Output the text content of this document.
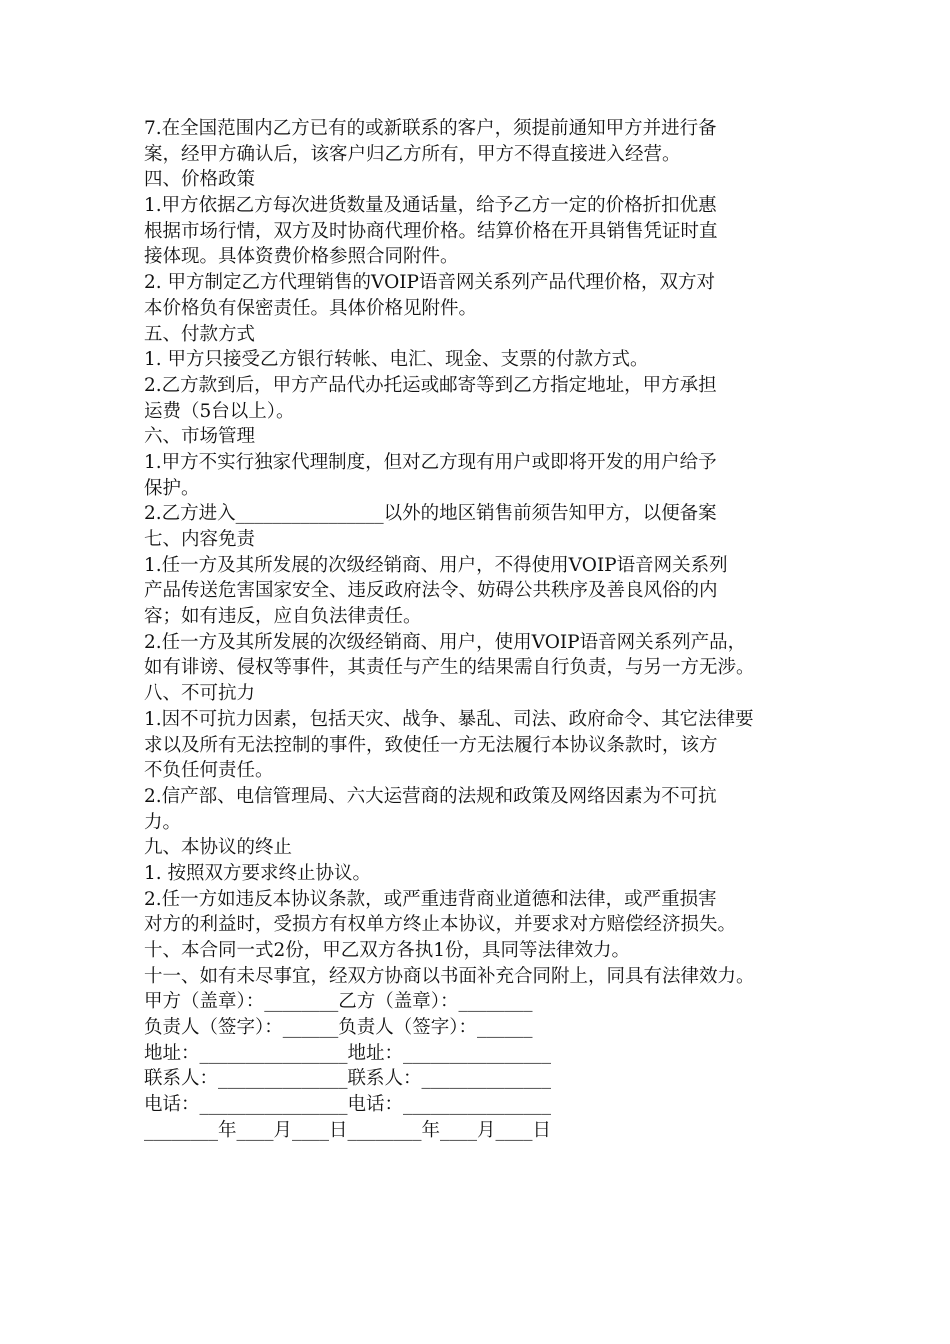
7.在全国范围内乙方已有的或新联系的客户，须提前通知甲方并进行备
案，经甲方确认后，该客户归乙方所有，甲方不得直接进入经营。
四、价格政策
1.甲方依据乙方每次进货数量及通话量，给予乙方一定的价格折扣优惠
根据市场行情，双方及时协商代理价格。结算价格在开具销售凭证时直
接体现。具体资费价格参照合同附件。
2. 甲方制定乙方代理销售的VOIP语音网关系列产品代理价格，双方对
本价格负有保密责任。具体价格见附件。
五、付款方式
1. 甲方只接受乙方银行转帐、电汇、现金、支票的付款方式。
2.乙方款到后，甲方产品代办托运或邮寄等到乙方指定地址，甲方承担
运费（5台以上）。
六、市场管理
1.甲方不实行独家代理制度，但对乙方现有用户或即将开发的用户给予
保护。
2.乙方进入________________以外的地区销售前须告知甲方，以便备案
七、内容免责
1.任一方及其所发展的次级经销商、用户，不得使用VOIP语音网关系列
产品传送危害国家安全、违反政府法令、妨碍公共秩序及善良风俗的内
容；如有违反，应自负法律责任。
2.任一方及其所发展的次级经销商、用户，使用VOIP语音网关系列产品，
如有诽谤、侵权等事件，其责任与产生的结果需自行负责，与另一方无涉。
八、不可抗力
1.因不可抗力因素，包括天灾、战争、暴乱、司法、政府命令、其它法律要
求以及所有无法控制的事件，致使任一方无法履行本协议条款时，该方
不负任何责任。
2.信产部、电信管理局、六大运营商的法规和政策及网络因素为不可抗
力。
九、本协议的终止
1. 按照双方要求终止协议。
2.任一方如违反本协议条款，或严重违背商业道德和法律，或严重损害
对方的利益时，受损方有权单方终止本协议，并要求对方赔偿经济损失。
十、本合同一式2份，甲乙双方各执1份，具同等法律效力。
十一、如有未尽事宜，经双方协商以书面补充合同附上，同具有法律效力。
甲方（盖章）：________乙方（盖章）：________
负责人（签字）：______负责人（签字）：______
地址：________________地址：________________
联系人：______________联系人：______________
电话：________________电话：________________
________年____月____日________年____月____日
